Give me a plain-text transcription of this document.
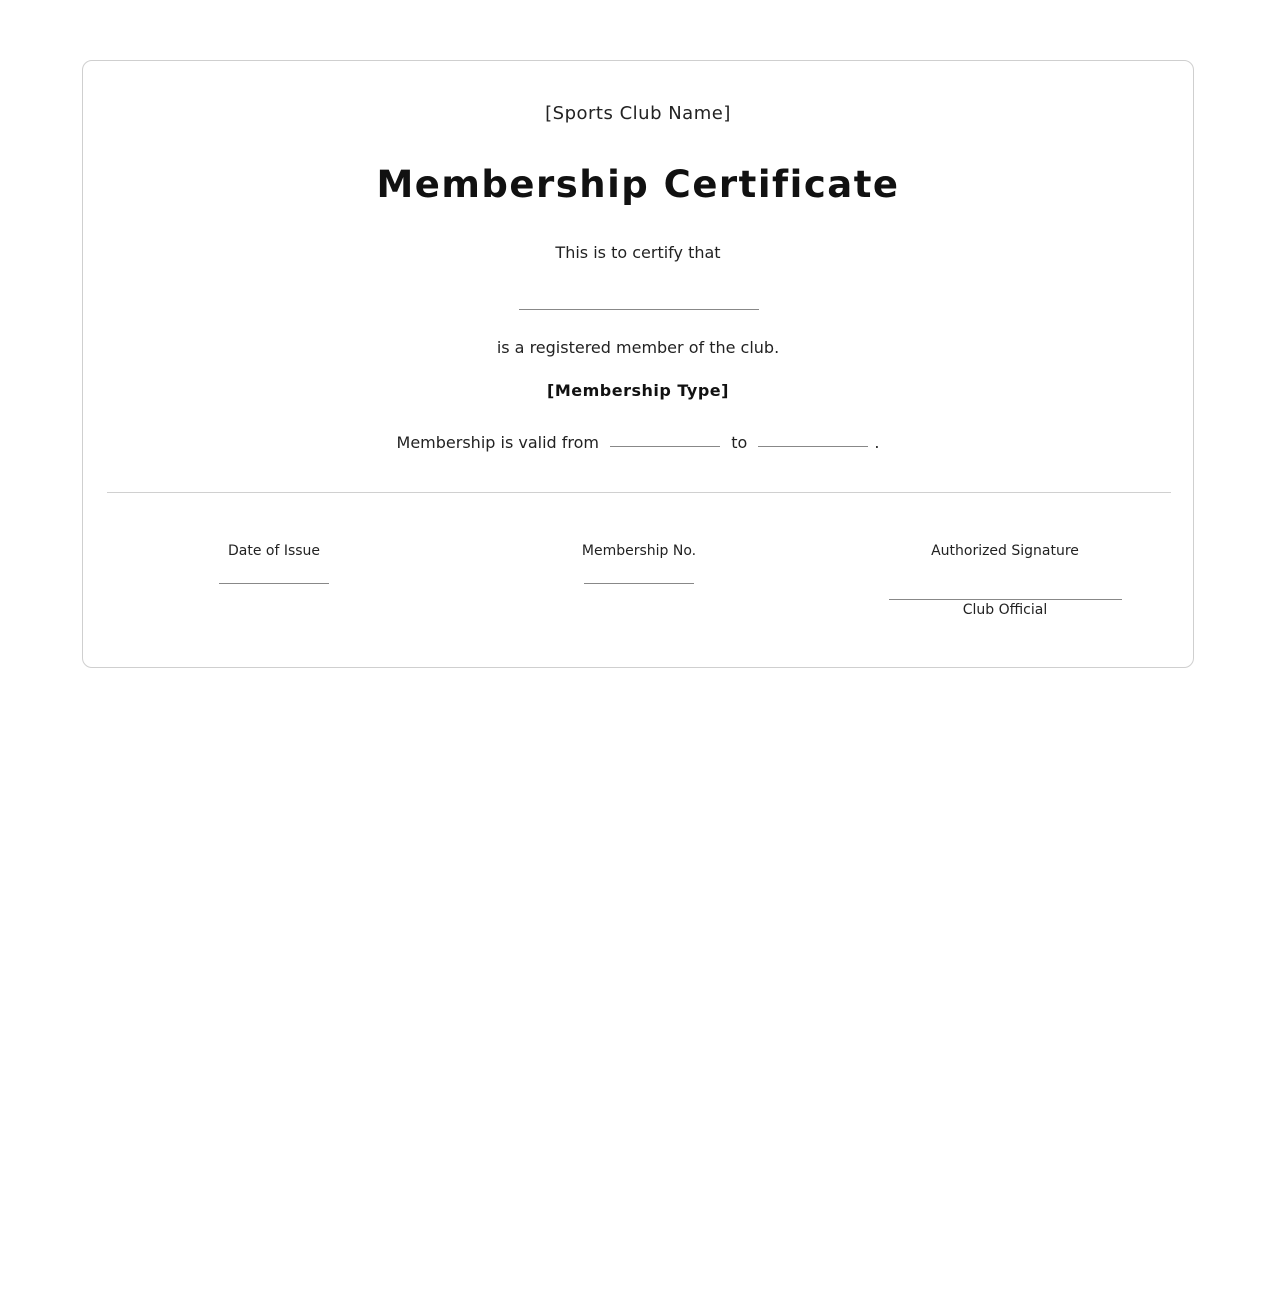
[Sports Club Name]
Membership Certificate
This is to certify that
is a registered member of the club.
[Membership Type]
Membership is valid from	to	.
Date of Issue	Membership No.	Authorized Signature
Club Official
